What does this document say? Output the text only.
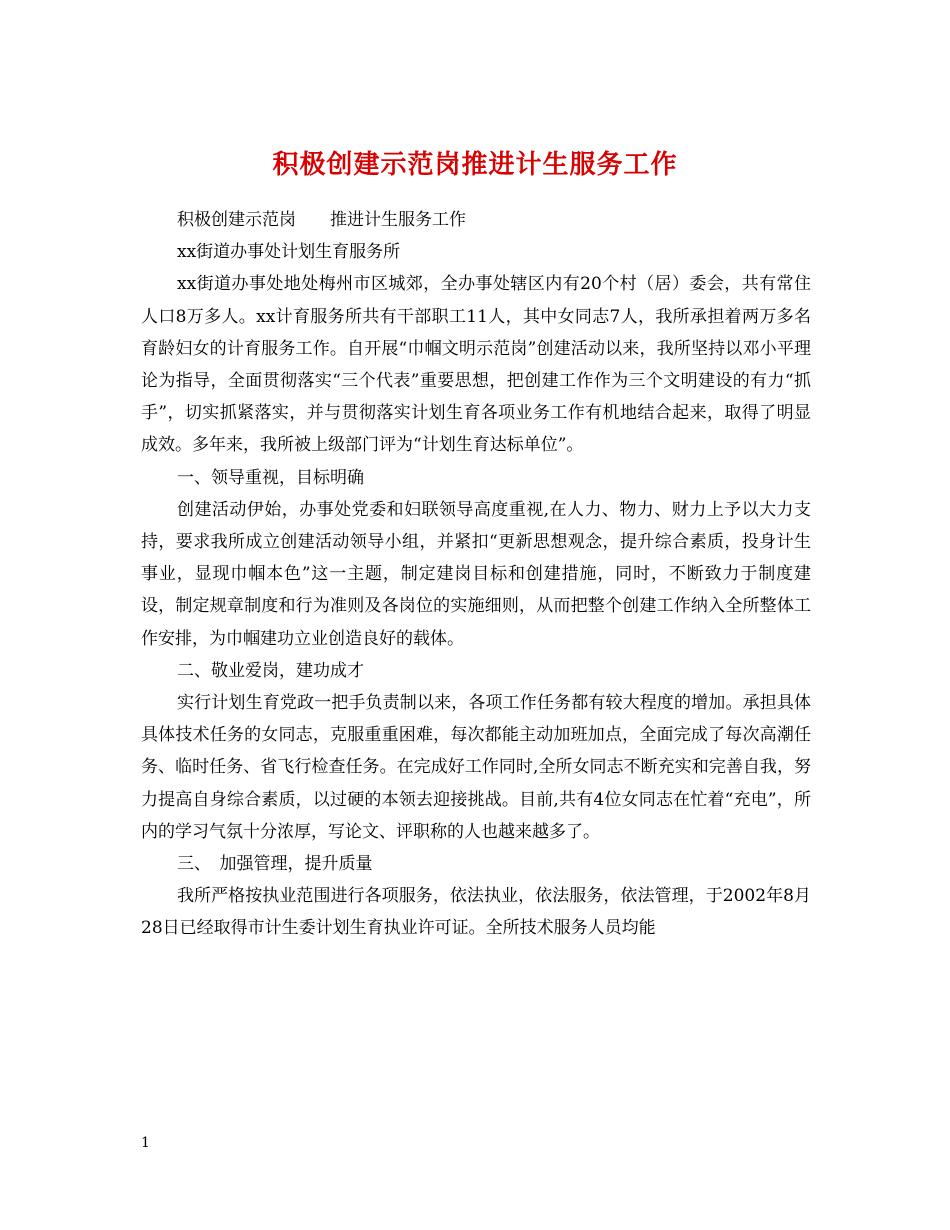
积极创建示范岗推进计生服务工作

积极创建示范岗　　推进计生服务工作

xx街道办事处计划生育服务所

xx街道办事处地处梅州市区城郊，全办事处辖区内有20个村（居）委会，共有常住人口8万多人。xx计育服务所共有干部职工11人，其中女同志7人，我所承担着两万多名育龄妇女的计育服务工作。自开展“巾帼文明示范岗”创建活动以来，我所坚持以邓小平理论为指导，全面贯彻落实“三个代表”重要思想，把创建工作作为三个文明建设的有力“抓手”，切实抓紧落实，并与贯彻落实计划生育各项业务工作有机地结合起来，取得了明显成效。多年来，我所被上级部门评为“计划生育达标单位”。

一、领导重视，目标明确

创建活动伊始，办事处党委和妇联领导高度重视,在人力、物力、财力上予以大力支持，要求我所成立创建活动领导小组，并紧扣“更新思想观念，提升综合素质，投身计生事业，显现巾帼本色”这一主题，制定建岗目标和创建措施，同时，不断致力于制度建设，制定规章制度和行为准则及各岗位的实施细则，从而把整个创建工作纳入全所整体工作安排，为巾帼建功立业创造良好的载体。

二、敬业爱岗，建功成才

实行计划生育党政一把手负责制以来，各项工作任务都有较大程度的增加。承担具体具体技术任务的女同志，克服重重困难，每次都能主动加班加点，全面完成了每次高潮任务、临时任务、省飞行检查任务。在完成好工作同时,全所女同志不断充实和完善自我，努力提高自身综合素质，以过硬的本领去迎接挑战。目前,共有4位女同志在忙着“充电”，所内的学习气氛十分浓厚，写论文、评职称的人也越来越多了。

三、　加强管理，提升质量

我所严格按执业范围进行各项服务，依法执业，依法服务，依法管理，于2002年8月28日已经取得市计生委计划生育执业许可证。全所技术服务人员均能

1
